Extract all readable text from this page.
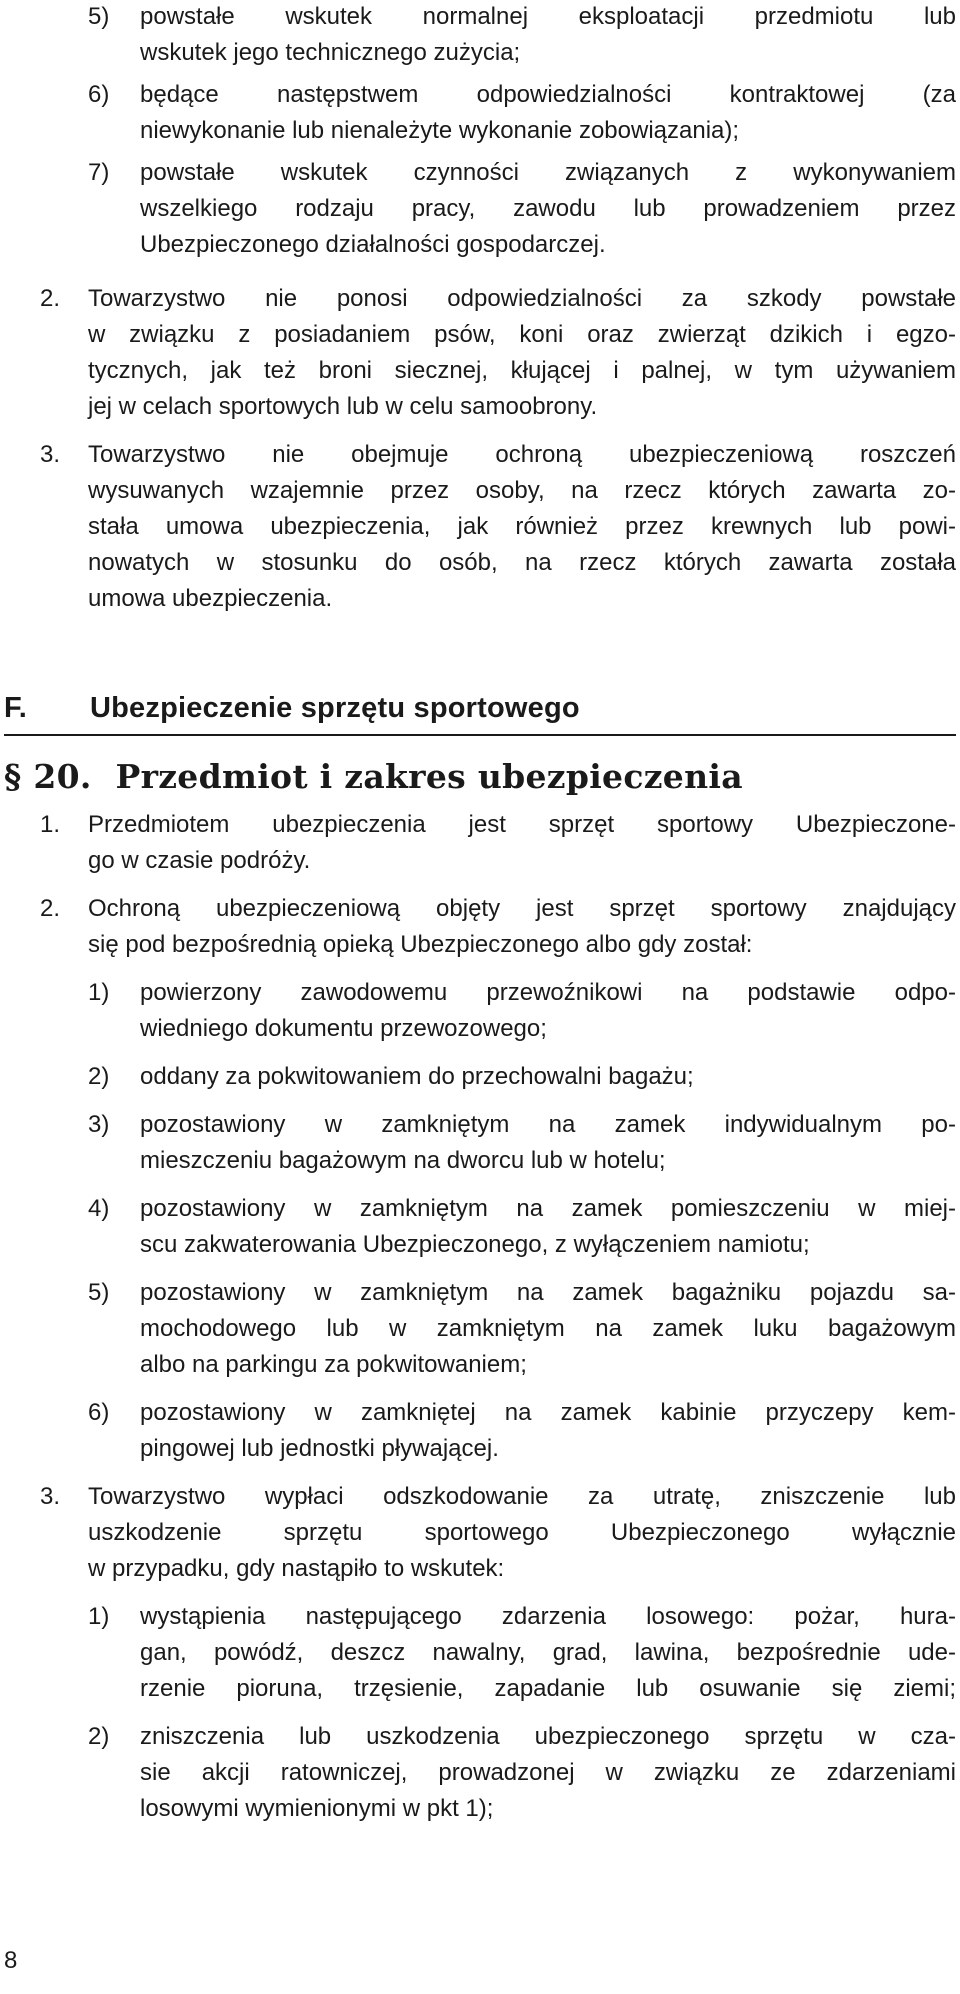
5) powstałe wskutek normalnej eksploatacji przedmiotu lub
wskutek jego technicznego zużycia;
6) będące następstwem odpowiedzialności kontraktowej (za
niewykonanie lub nienależyte wykonanie zobowiązania);
7) powstałe wskutek czynności związanych z wykonywaniem
wszelkiego rodzaju pracy, zawodu lub prowadzeniem przez
Ubezpieczonego działalności gospodarczej.
2. Towarzystwo nie ponosi odpowiedzialności za szkody powstałe
w związku z posiadaniem psów, koni oraz zwierząt dzikich i egzo-
tycznych, jak też broni siecznej, kłującej i palnej, w tym używaniem
jej w celach sportowych lub w celu samoobrony.
3. Towarzystwo nie obejmuje ochroną ubezpieczeniową roszczeń
wysuwanych wzajemnie przez osoby, na rzecz których zawarta zo-
stała umowa ubezpieczenia, jak również przez krewnych lub powi-
nowatych w stosunku do osób, na rzecz których zawarta została
umowa ubezpieczenia.
F. Ubezpieczenie sprzętu sportowego
§ 20. Przedmiot i zakres ubezpieczenia
1. Przedmiotem ubezpieczenia jest sprzęt sportowy Ubezpieczone-
go w czasie podróży.
2. Ochroną ubezpieczeniową objęty jest sprzęt sportowy znajdujący
się pod bezpośrednią opieką Ubezpieczonego albo gdy został:
1) powierzony zawodowemu przewoźnikowi na podstawie odpo-
wiedniego dokumentu przewozowego;
2) oddany za pokwitowaniem do przechowalni bagażu;
3) pozostawiony w zamkniętym na zamek indywidualnym po-
mieszczeniu bagażowym na dworcu lub w hotelu;
4) pozostawiony w zamkniętym na zamek pomieszczeniu w miej-
scu zakwaterowania Ubezpieczonego, z wyłączeniem namiotu;
5) pozostawiony w zamkniętym na zamek bagażniku pojazdu sa-
mochodowego lub w zamkniętym na zamek luku bagażowym
albo na parkingu za pokwitowaniem;
6) pozostawiony w zamkniętej na zamek kabinie przyczepy kem-
pingowej lub jednostki pływającej.
3. Towarzystwo wypłaci odszkodowanie za utratę, zniszczenie lub
uszkodzenie sprzętu sportowego Ubezpieczonego wyłącznie
w przypadku, gdy nastąpiło to wskutek:
1) wystąpienia następującego zdarzenia losowego: pożar, hura-
gan, powódź, deszcz nawalny, grad, lawina, bezpośrednie ude-
rzenie pioruna, trzęsienie, zapadanie lub osuwanie się ziemi;
2) zniszczenia lub uszkodzenia ubezpieczonego sprzętu w cza-
sie akcji ratowniczej, prowadzonej w związku ze zdarzeniami
losowymi wymienionymi w pkt 1);
8
